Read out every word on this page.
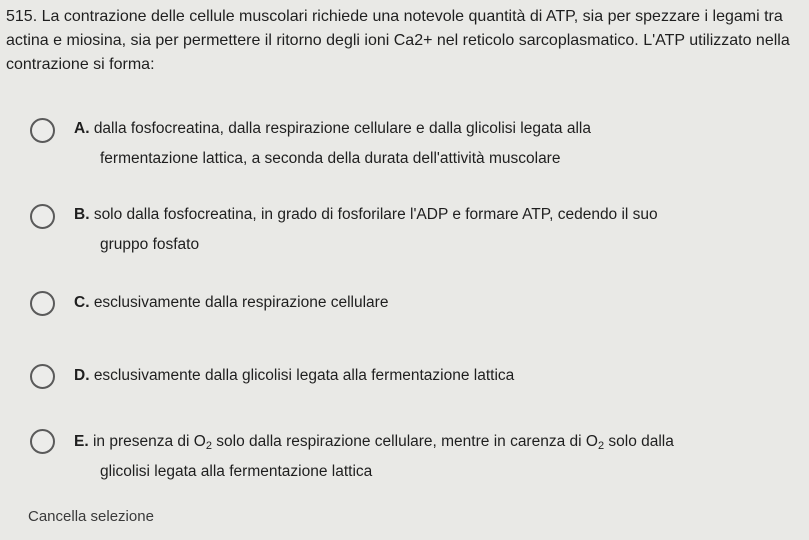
515. La contrazione delle cellule muscolari richiede una notevole quantità di ATP, sia per spezzare i legami tra actina e miosina, sia per permettere il ritorno degli ioni Ca2+ nel reticolo sarcoplasmatico. L'ATP utilizzato nella contrazione si forma:

A. dalla fosfocreatina, dalla respirazione cellulare e dalla glicolisi legata alla
fermentazione lattica, a seconda della durata dell'attività muscolare
B. solo dalla fosfocreatina, in grado di fosforilare l'ADP e formare ATP, cedendo il suo
gruppo fosfato
C. esclusivamente dalla respirazione cellulare
D. esclusivamente dalla glicolisi legata alla fermentazione lattica
E. in presenza di $O_2$ solo dalla respirazione cellulare, mentre in carenza di $O_2$ solo dalla
glicolisi legata alla fermentazione lattica
Cancella selezione
